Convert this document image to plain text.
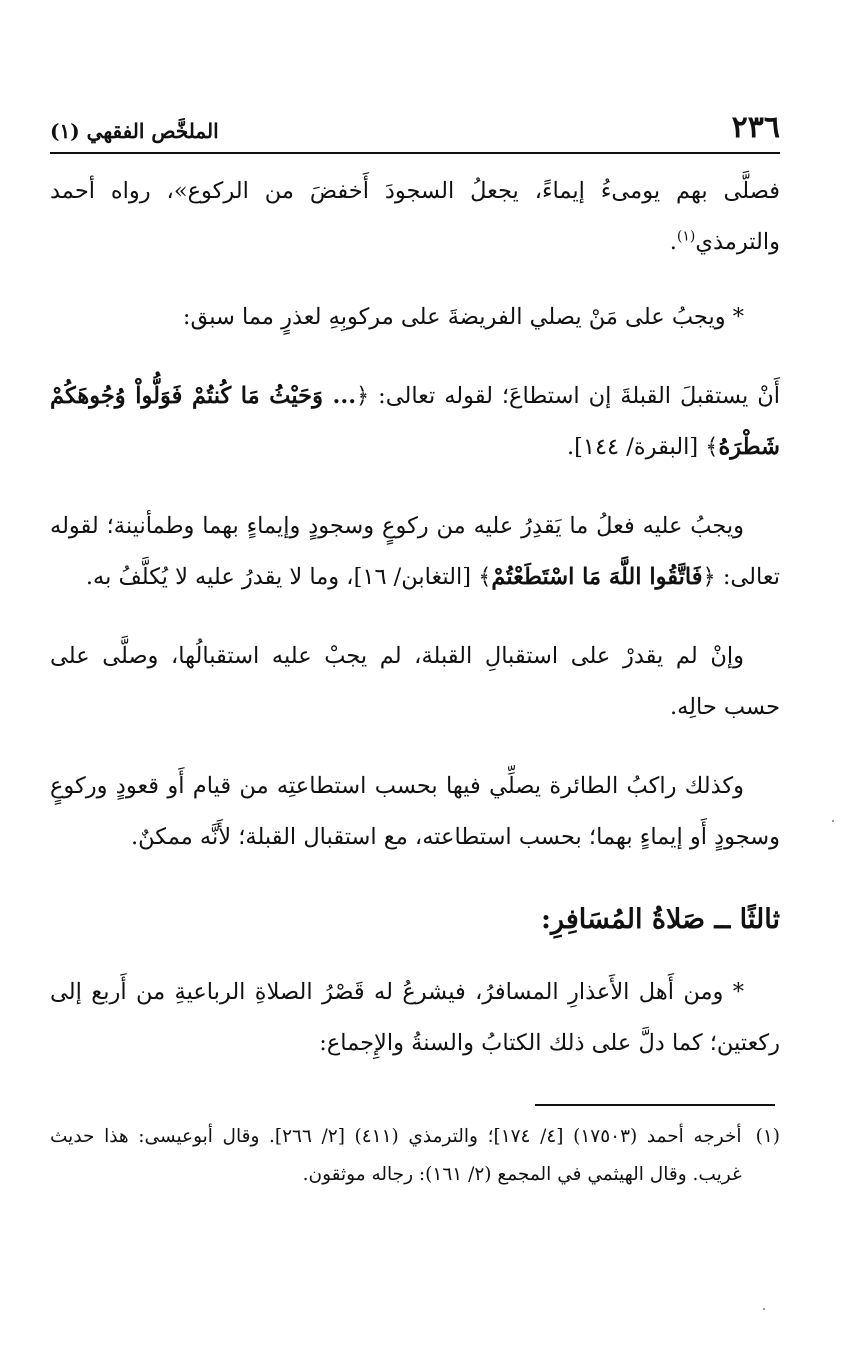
٢٣٦
الملخَّص الفقهي (١)

فصلَّى بهم يومىءُ إيماءً، يجعلُ السجودَ أَخفضَ من الركوع»، رواه أحمد والترمذي$^{(١)}$.

* ويجبُ على مَنْ يصلي الفريضةَ على مركوبِهِ لعذرٍ مما سبق:

أَنْ يستقبلَ القبلةَ إن استطاعَ؛ لقوله تعالى: ﴿... وَحَيْثُ مَا كُنتُمْ فَوَلُّواْ وُجُوهَكُمْ شَطْرَهُ﴾ [البقرة/ ١٤٤].

ويجبُ عليه فعلُ ما يَقدِرُ عليه من ركوعٍ وسجودٍ وإيماءٍ بهما وطمأنينة؛ لقوله تعالى: ﴿فَاتَّقُوا اللَّهَ مَا اسْتَطَعْتُمْ﴾ [التغابن/ ١٦]، وما لا يقدرُ عليه لا يُكلَّفُ به.

وإنْ لم يقدرْ على استقبالِ القبلة، لم يجبْ عليه استقبالُها، وصلَّى على حسب حالِه.

وكذلك راكبُ الطائرة يصلِّي فيها بحسب استطاعتِه من قيام أَو قعودٍ وركوعٍ وسجودٍ أَو إيماءٍ بهما؛ بحسب استطاعته، مع استقبال القبلة؛ لأَنَّه ممكنٌ.

ثالثًا ــ صَلاةُ المُسَافِرِ:

* ومن أَهل الأَعذارِ المسافرُ، فيشرعُ له قَصْرُ الصلاةِ الرباعيةِ من أَربع إلى ركعتين؛ كما دلَّ على ذلك الكتابُ والسنةُ والإِجماع:

(١)
أخرجه أحمد (١٧٥٠٣) [٤/ ١٧٤]؛ والترمذي (٤١١) [٢/ ٢٦٦]. وقال أبوعيسى: هذا حديث غريب. وقال الهيثمي في المجمع (٢/ ١٦١): رجاله موثقون.
